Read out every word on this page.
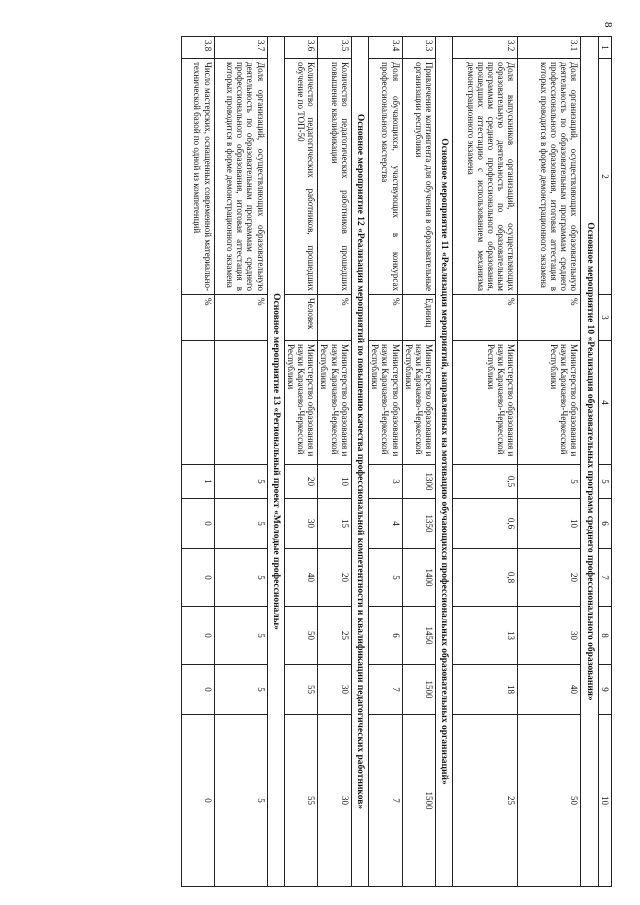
8
1	2	3	4	5	6	7	8	9	10
Основное мероприятие 10 «Реализация образовательных программ среднего профессионального образования»									
3.1	Доля организаций, осуществляющих образовательную деятельность по образовательным программам среднего профессионального образования, итоговая аттестация в которых проводится в форме демонстрационного экзамена	%	Министерство образования и науки Карачаево-Черкесской Республики	5	10	20	30	40	50
3.2	Доля выпускников организаций, осуществляющих образовательную деятельность по образовательным программам среднего профессионального образования, прошедших аттестацию с использованием механизма демонстрационного экзамена	%	Министерство образования и науки Карачаево-Черкесской Республики	0,5	0,6	0,8	13	18	25
Основное мероприятие 11 «Реализация мероприятий, направленных на мотивацию обучающихся профессиональных образовательных организаций»									
3.3	Привлечение контингента для обучения в образовательные организации республики	Единиц	Министерство образования и науки Карачаево-Черкесской Республики	1300	1350	1400	1450	1500	1500
3.4	Доля обучающихся, участвующих в конкурсах профессионального мастерства	%	Министерство образования и науки Карачаево-Черкесской Республики	3	4	5	6	7	7
Основное мероприятие 12 «Реализация мероприятий по повышению качества профессиональной компетентности и квалификации педагогических работников»									
3.5	Количество педагогических работников прошедших повышение квалификации	%	Министерство образования и науки Карачаево-Черкесской Республики	10	15	20	25	30	30
3.6	Количество педагогических работников, прошедших обучение по ТОП-50	Человек	Министерство образования и науки Карачаево-Черкесской Республики	20	30	40	50	55	55
Основное мероприятие 13 «Региональный проект «Молодые профессионалы»									
3.7	Доля организаций, осуществляющих образовательную деятельность по образовательным программам среднего профессионального образования, итоговая аттестация в которых проводится в форме демонстрационного экзамена	%		5	5	5	5	5	5
3.8	Число мастерских, оснащенных современной материально-технической базой по одной из компетенций	%		1	0	0	0	0	0
